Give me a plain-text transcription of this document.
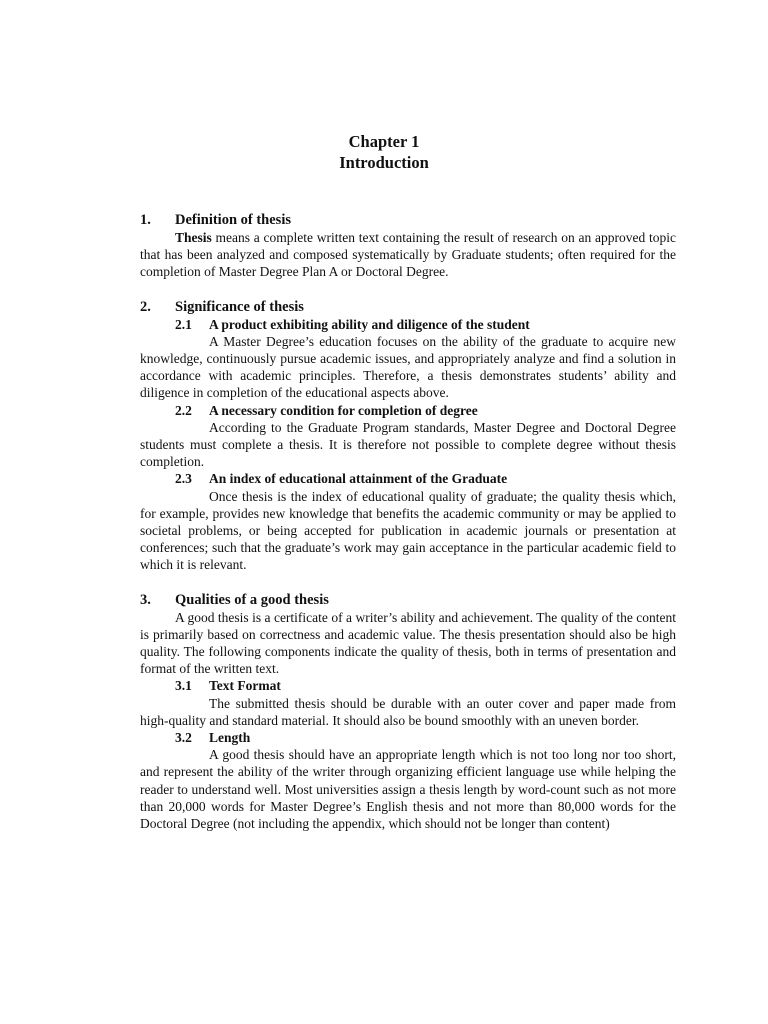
Chapter 1
Introduction
1.	Definition of thesis

Thesis means a complete written text containing the result of research on an approved topic that has been analyzed and composed systematically by Graduate students; often required for the completion of Master Degree Plan A or Doctoral Degree.

2.	Significance of thesis
2.1	A product exhibiting ability and diligence of the student

A Master Degree’s education focuses on the ability of the graduate to acquire new knowledge, continuously pursue academic issues, and appropriately analyze and find a solution in accordance with academic principles. Therefore, a thesis demonstrates students’ ability and diligence in completion of the educational aspects above.

2.2	A necessary condition for completion of degree

According to the Graduate Program standards, Master Degree and Doctoral Degree students must complete a thesis. It is therefore not possible to complete degree without thesis completion.

2.3	An index of educational attainment of the Graduate

Once thesis is the index of educational quality of graduate; the quality thesis which, for example, provides new knowledge that benefits the academic community or may be applied to societal problems, or being accepted for publication in academic journals or presentation at conferences; such that the graduate’s work may gain acceptance in the particular academic field to which it is relevant.

3.	Qualities of a good thesis

A good thesis is a certificate of a writer’s ability and achievement. The quality of the content is primarily based on correctness and academic value. The thesis presentation should also be high quality. The following components indicate the quality of thesis, both in terms of presentation and format of the written text.

3.1	Text Format

The submitted thesis should be durable with an outer cover and paper made from high-quality and standard material. It should also be bound smoothly with an uneven border.

3.2	Length

A good thesis should have an appropriate length which is not too long nor too short, and represent the ability of the writer through organizing efficient language use while helping the reader to understand well. Most universities assign a thesis length by word-count such as not more than 20,000 words for Master Degree’s English thesis and not more than 80,000 words for the Doctoral Degree (not including the appendix, which should not be longer than content)
